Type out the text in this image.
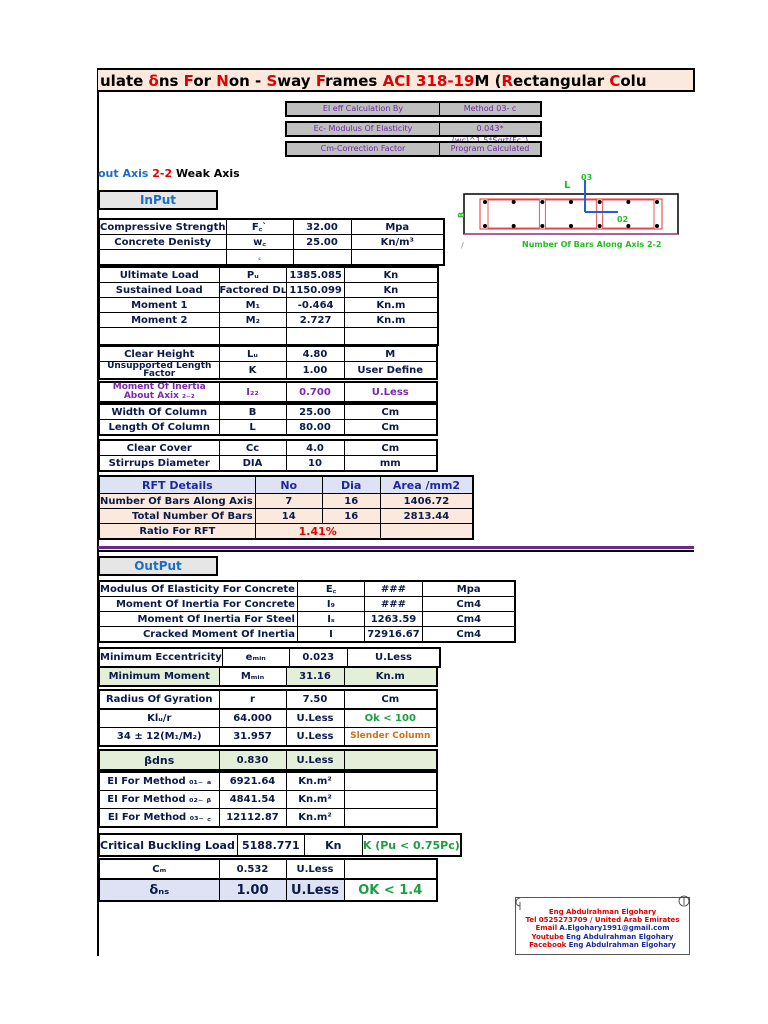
ulate δns For Non - Sway Frames ACI 318-19M (Rectangular Colu
EI eff Calculation By	Method 03- c
Ec- Modulus Of Elasticity	0.043*
Cm-Correction Factor	Program Calculated
out Axis 2-2 Weak Axis
InPut
03
02
L
B
Number Of Bars Along Axis 2-2
/
Compressive Strength	F꜀`	32.00	Mpa
Concrete Denisty	w꜀	25.00	Kn/m³
	꜀		
Ultimate Load	Pᵤ	1385.085	Kn
Sustained Load	Factored Dʟ	1150.099	Kn
Moment 1	M₁	-0.464	Kn.m
Moment 2	M₂	2.727	Kn.m

Clear Height	Lᵤ	4.80	M
Unsupported Length Factor	K	1.00	User Define
Moment Of Inertia About Axix ₂₋₂	I₂₂	0.700	U.Less
Width Of Column	B	25.00	Cm
Length Of Column	L	80.00	Cm
Clear Cover	Cc	4.0	Cm
Stirrups Diameter	DIA	10	mm
RFT Details	No	Dia	Area /mm2
Number Of Bars Along Axis	7	16	1406.72
Total Number Of Bars	14	16	2813.44
Ratio For RFT	1.41%		
OutPut
Modulus Of Elasticity For Concrete	E꜀	###	Mpa
Moment Of Inertia For Concrete	I₉	###	Cm4
Moment Of Inertia For Steel	Iₛ	1263.59	Cm4
Cracked Moment Of Inertia	I	72916.67	Cm4
Minimum Eccentricity	eₘᵢₙ	0.023	U.Less
Minimum Moment	Mₘᵢₙ	31.16	Kn.m
Radius Of Gyration	r	7.50	Cm
Klᵤ/r	64.000	U.Less	Ok < 100
34 ± 12(M₁/M₂)	31.957	U.Less	Slender Column
βdns	0.830	U.Less	
EI For Method ₀₁₋ ₐ	6921.64	Kn.m²	
EI For Method ₀₂₋ ᵦ	4841.54	Kn.m²	
EI For Method ₀₃₋ ꜀	12112.87	Kn.m²	
Critical Buckling Load	5188.771	Kn	K (Pu < 0.75Pc)
Cₘ	0.532	U.Less	
δₙₛ	1.00	U.Less	OK < 1.4
Eng Abdulrahman Elgohary
Tel 0525273709 / United Arab Emirates
Email A.Elgohary1991@gmail.com
Youtube Eng Abdulrahman Elgohary
Facebook Eng Abdulrahman Elgohary
